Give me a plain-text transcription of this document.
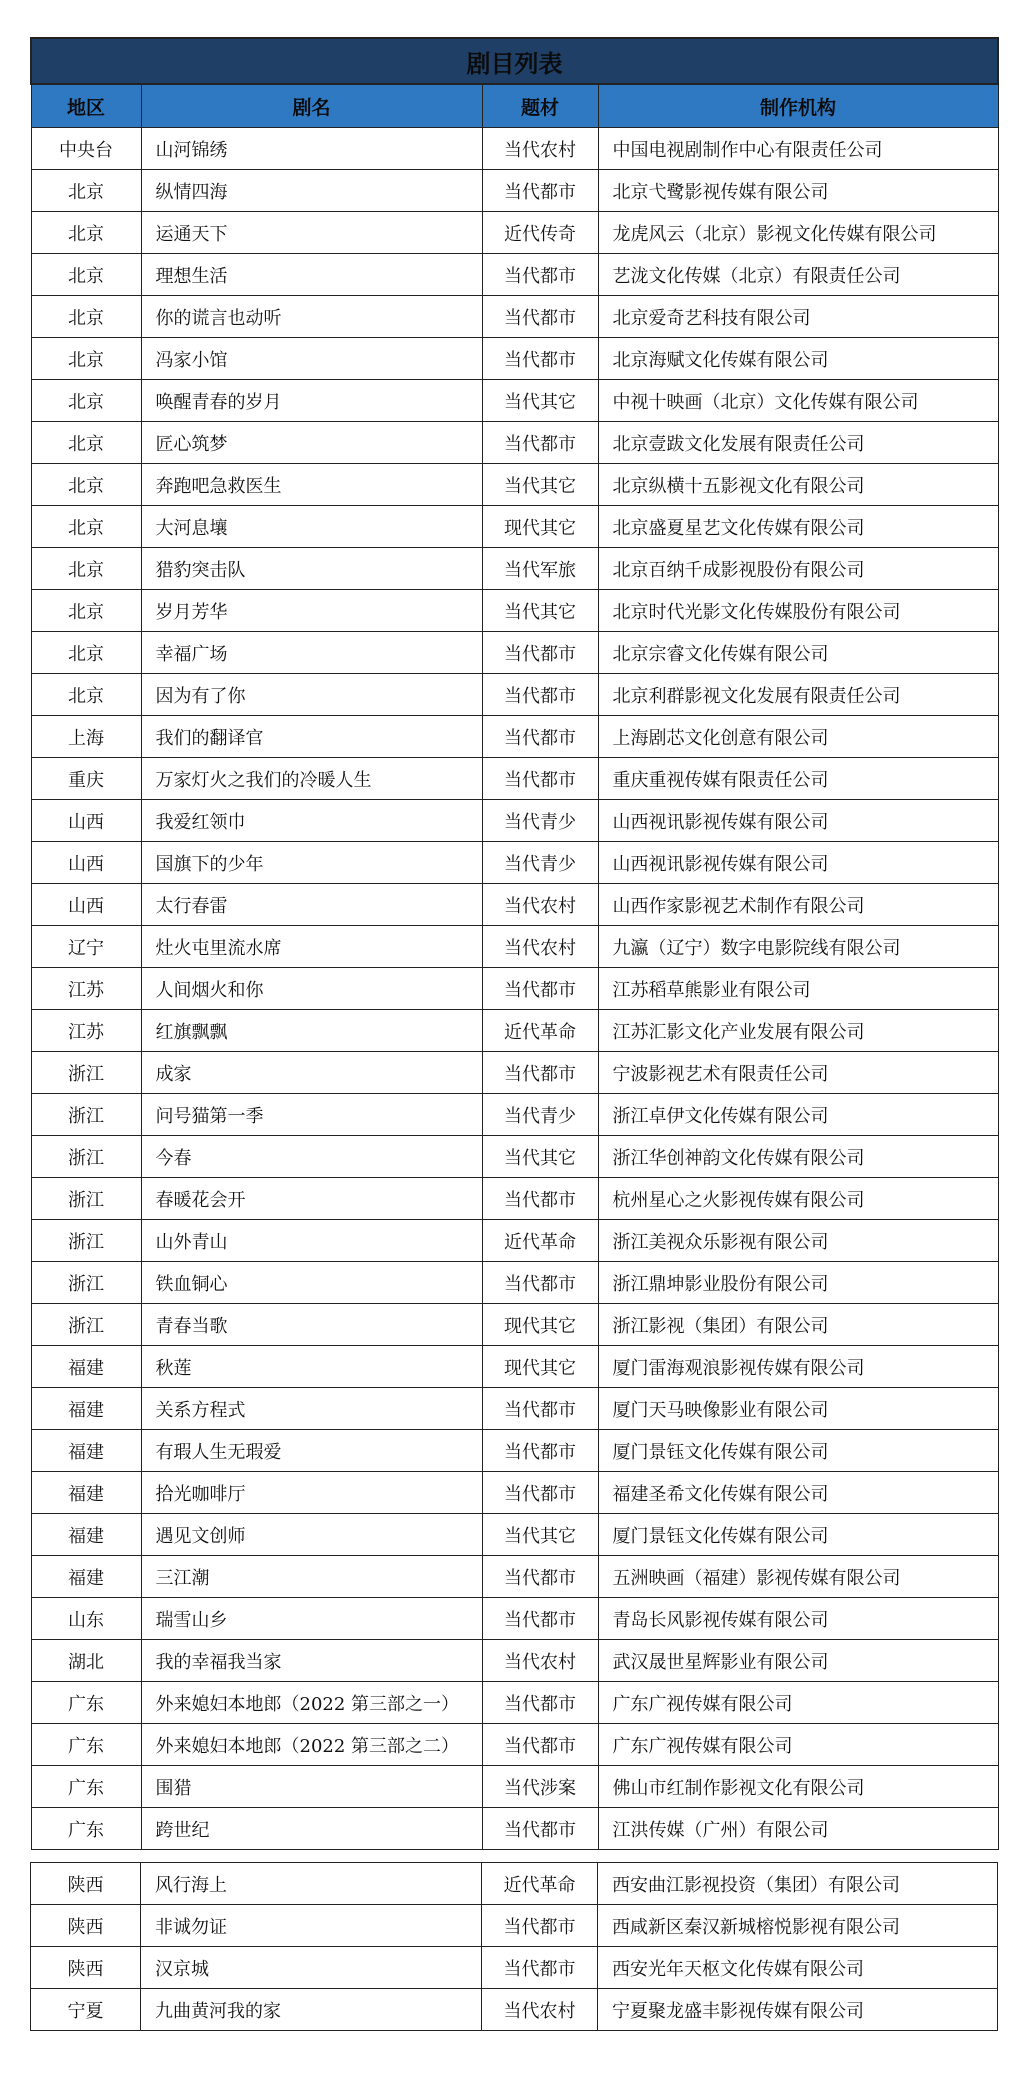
剧目列表			
地区	剧名	题材	制作机构
中央台	山河锦绣	当代农村	中国电视剧制作中心有限责任公司
北京	纵情四海	当代都市	北京弋鹭影视传媒有限公司
北京	运通天下	近代传奇	龙虎风云（北京）影视文化传媒有限公司
北京	理想生活	当代都市	艺泷文化传媒（北京）有限责任公司
北京	你的谎言也动听	当代都市	北京爱奇艺科技有限公司
北京	冯家小馆	当代都市	北京海赋文化传媒有限公司
北京	唤醒青春的岁月	当代其它	中视十映画（北京）文化传媒有限公司
北京	匠心筑梦	当代都市	北京壹跋文化发展有限责任公司
北京	奔跑吧急救医生	当代其它	北京纵横十五影视文化有限公司
北京	大河息壤	现代其它	北京盛夏星艺文化传媒有限公司
北京	猎豹突击队	当代军旅	北京百纳千成影视股份有限公司
北京	岁月芳华	当代其它	北京时代光影文化传媒股份有限公司
北京	幸福广场	当代都市	北京宗睿文化传媒有限公司
北京	因为有了你	当代都市	北京利群影视文化发展有限责任公司
上海	我们的翻译官	当代都市	上海剧芯文化创意有限公司
重庆	万家灯火之我们的冷暖人生	当代都市	重庆重视传媒有限责任公司
山西	我爱红领巾	当代青少	山西视讯影视传媒有限公司
山西	国旗下的少年	当代青少	山西视讯影视传媒有限公司
山西	太行春雷	当代农村	山西作家影视艺术制作有限公司
辽宁	灶火屯里流水席	当代农村	九瀛（辽宁）数字电影院线有限公司
江苏	人间烟火和你	当代都市	江苏稻草熊影业有限公司
江苏	红旗飘飘	近代革命	江苏汇影文化产业发展有限公司
浙江	成家	当代都市	宁波影视艺术有限责任公司
浙江	问号猫第一季	当代青少	浙江卓伊文化传媒有限公司
浙江	今春	当代其它	浙江华创神韵文化传媒有限公司
浙江	春暖花会开	当代都市	杭州星心之火影视传媒有限公司
浙江	山外青山	近代革命	浙江美视众乐影视有限公司
浙江	铁血铜心	当代都市	浙江鼎坤影业股份有限公司
浙江	青春当歌	现代其它	浙江影视（集团）有限公司
福建	秋莲	现代其它	厦门雷海观浪影视传媒有限公司
福建	关系方程式	当代都市	厦门天马映像影业有限公司
福建	有瑕人生无瑕爱	当代都市	厦门景钰文化传媒有限公司
福建	拾光咖啡厅	当代都市	福建圣希文化传媒有限公司
福建	遇见文创师	当代其它	厦门景钰文化传媒有限公司
福建	三江潮	当代都市	五洲映画（福建）影视传媒有限公司
山东	瑞雪山乡	当代都市	青岛长风影视传媒有限公司
湖北	我的幸福我当家	当代农村	武汉晟世星辉影业有限公司
广东	外来媳妇本地郎（2022 第三部之一）	当代都市	广东广视传媒有限公司
广东	外来媳妇本地郎（2022 第三部之二）	当代都市	广东广视传媒有限公司
广东	围猎	当代涉案	佛山市红制作影视文化有限公司
广东	跨世纪	当代都市	江洪传媒（广州）有限公司
陕西	风行海上	近代革命	西安曲江影视投资（集团）有限公司
陕西	非诚勿证	当代都市	西咸新区秦汉新城榕悦影视有限公司
陕西	汉京城	当代都市	西安光年天枢文化传媒有限公司
宁夏	九曲黄河我的家	当代农村	宁夏聚龙盛丰影视传媒有限公司
